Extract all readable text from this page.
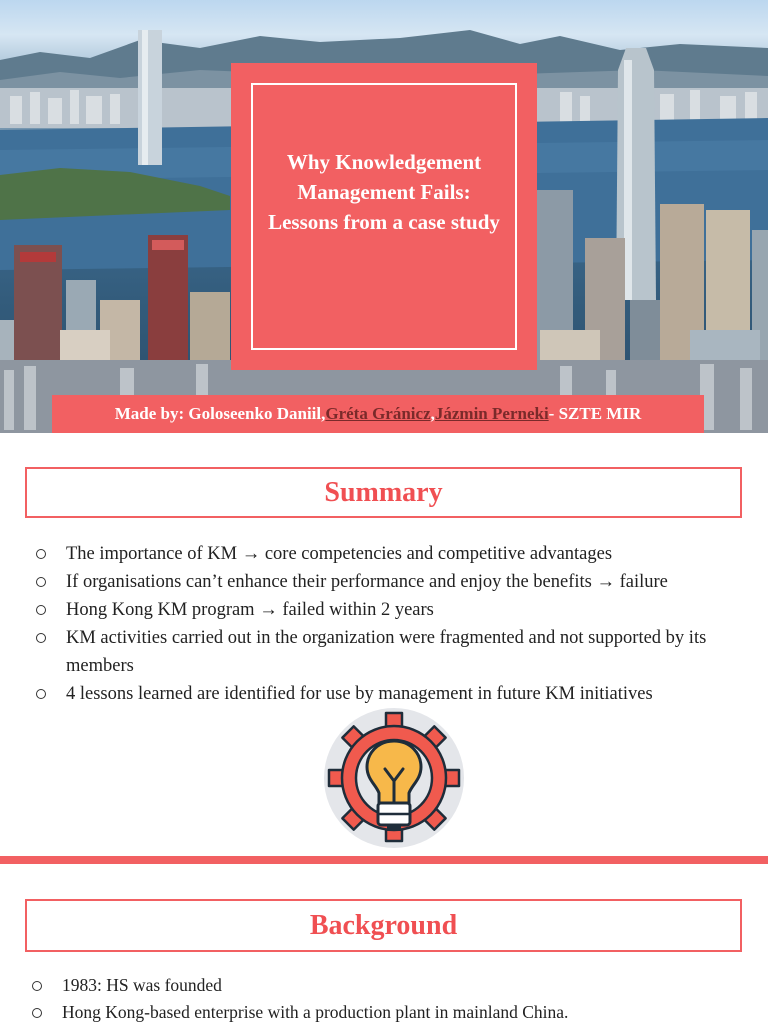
Why Knowledgement Management Fails: Lessons from a case study
Made by: Goloseenko Daniil, Gréta Gránicz , Jázmin Perneki - SZTE MIR
Summary
The importance of KM → core competencies and competitive advantages
If organisations can’t enhance their performance and enjoy the benefits → failure
Hong Kong KM program → failed within 2 years
KM activities carried out in the organization were fragmented and not supported by its members
4 lessons learned are identified for use by management in future KM initiatives
Background
1983: HS was founded
Hong Kong-based enterprise with a production plant in mainland China.
